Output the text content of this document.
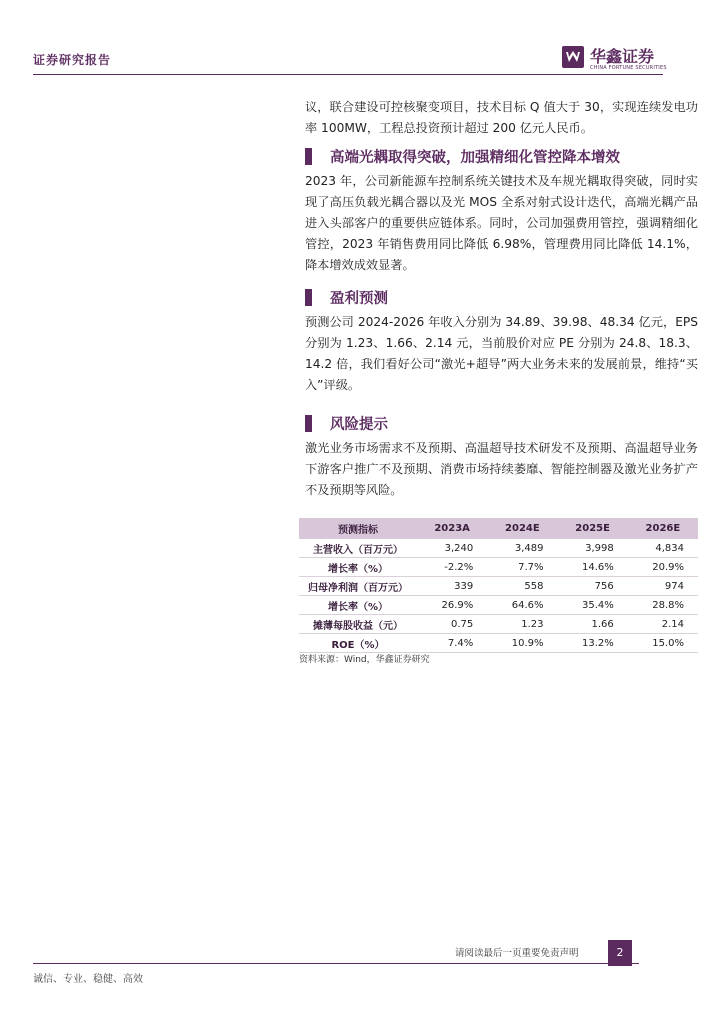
证券研究报告	华鑫证券
CHINA FORTUNE SECURITIES

议，联合建设可控核聚变项目，技术目标 Q 值大于 30，实现连续发电功率 100MW，工程总投资预计超过 200 亿元人民币。

高端光耦取得突破，加强精细化管控降本增效

2023 年，公司新能源车控制系统关键技术及车规光耦取得突破，同时实现了高压负载光耦合器以及光 MOS 全系对射式设计迭代，高端光耦产品进入头部客户的重要供应链体系。同时，公司加强费用管控，强调精细化管控，2023 年销售费用同比降低 6.98%，管理费用同比降低 14.1%，降本增效成效显著。

盈利预测

预测公司 2024-2026 年收入分别为 34.89、39.98、48.34 亿元，EPS 分别为 1.23、1.66、2.14 元，当前股价对应 PE 分别为 24.8、18.3、14.2 倍，我们看好公司“激光+超导”两大业务未来的发展前景，维持“买入”评级。

风险提示

激光业务市场需求不及预期、高温超导技术研发不及预期、高温超导业务下游客户推广不及预期、消费市场持续萎靡、智能控制器及激光业务扩产不及预期等风险。

预测指标	2023A	2024E	2025E	2026E
主营收入（百万元）	3,240	3,489	3,998	4,834
增长率（%）	-2.2%	7.7%	14.6%	20.9%
归母净利润（百万元）	339	558	756	974
增长率（%）	26.9%	64.6%	35.4%	28.8%
摊薄每股收益（元）	0.75	1.23	1.66	2.14
ROE（%）	7.4%	10.9%	13.2%	15.0%
资料来源：Wind，华鑫证券研究
请阅读最后一页重要免责声明	2
诚信、专业、稳健、高效
